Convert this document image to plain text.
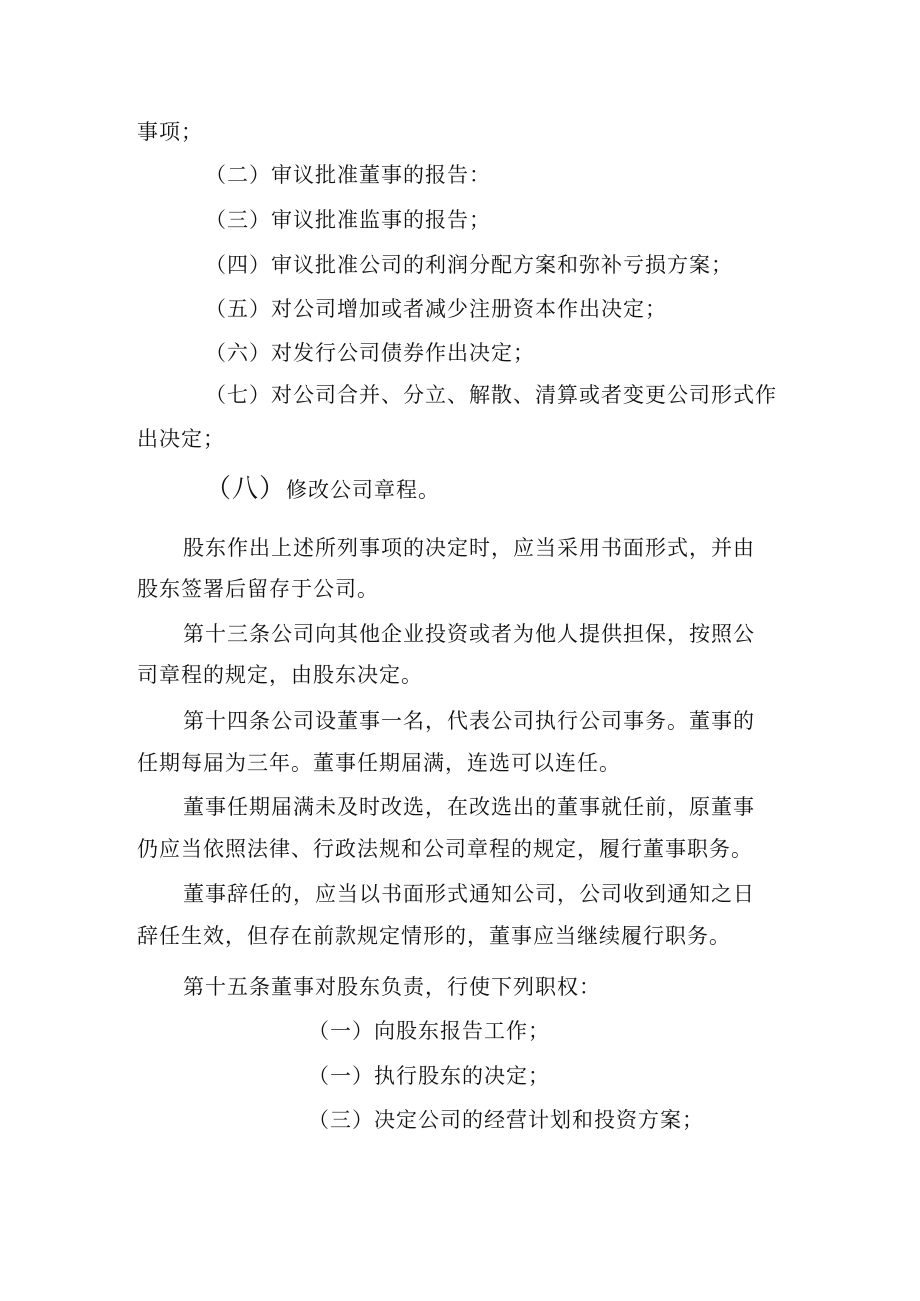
事项；
（二）审议批准董事的报告：
（三）审议批准监事的报告；
（四）审议批准公司的利润分配方案和弥补亏损方案；
（五）对公司增加或者减少注册资本作出决定；
（六）对发行公司债券作出决定；
（七）对公司合并、分立、解散、清算或者变更公司形式作
出决定；
（八）修改公司章程。
股东作出上述所列事项的决定时，应当采用书面形式，并由
股东签署后留存于公司。
第十三条公司向其他企业投资或者为他人提供担保，按照公
司章程的规定，由股东决定。
第十四条公司设董事一名，代表公司执行公司事务。董事的
任期每届为三年。董事任期届满，连选可以连任。
董事任期届满未及时改选，在改选出的董事就任前，原董事
仍应当依照法律、行政法规和公司章程的规定，履行董事职务。
董事辞任的，应当以书面形式通知公司，公司收到通知之日
辞任生效，但存在前款规定情形的，董事应当继续履行职务。
第十五条董事对股东负责，行使下列职权：
（一）向股东报告工作；
（一）执行股东的决定；
（三）决定公司的经营计划和投资方案；
